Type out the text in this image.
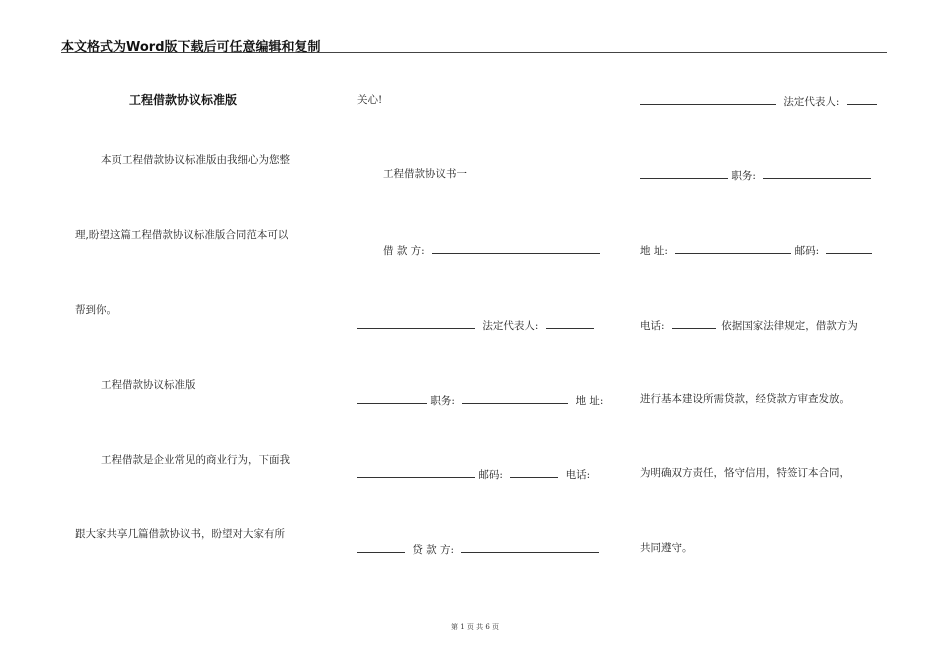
本文格式为Word版下载后可任意编辑和复制
工程借款协议标准版
本页工程借款协议标准版由我细心为您整
理,盼望这篇工程借款协议标准版合同范本可以
帮到你。
工程借款协议标准版
工程借款是企业常见的商业行为，下面我
跟大家共享几篇借款协议书，盼望对大家有所
关心!
工程借款协议书一
借 款 方:
法定代表人:
职务:	地 址:
邮码:	电话:
贷 款 方:
法定代表人:
职务:
地 址:	邮码:
电话:	依据国家法律规定，借款方为
进行基本建设所需贷款，经贷款方审查发放。
为明确双方责任，恪守信用，特签订本合同，
共同遵守。
第 1 页 共 6 页
